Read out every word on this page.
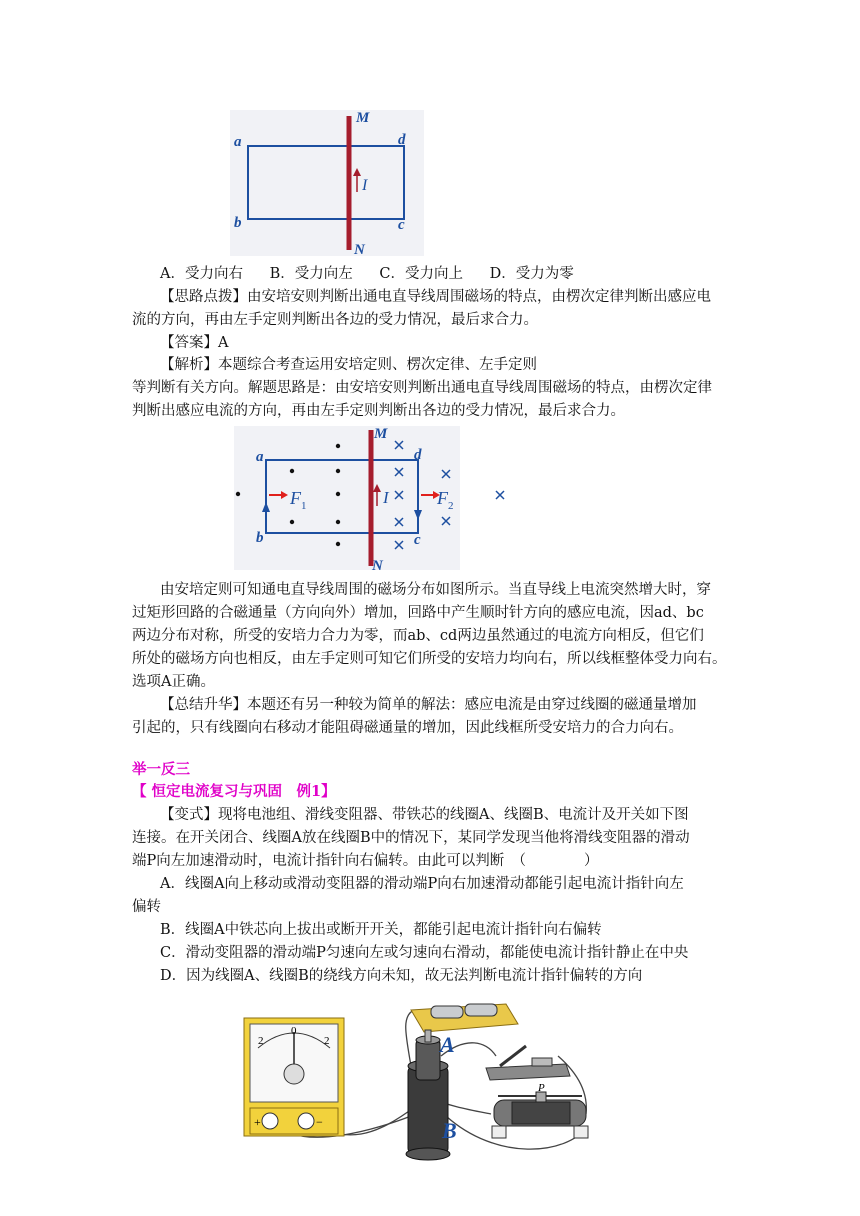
M
N
a	d
b	c
I
A．受力向右 B．受力向左 C．受力向上 D．受力为零
【思路点拨】由安培安则判断出通电直导线周围磁场的特点，由楞次定律判断出感应电
流的方向，再由左手定则判断出各边的受力情况，最后求合力。
【答案】A
【解析】本题综合考查运用安培定则、楞次定律、左手定则
等判断有关方向。解题思路是：由安培安则判断出通电直导线周围磁场的特点，由楞次定律
判断出感应电流的方向，再由左手定则判断出各边的受力情况，最后求合力。
M
N
a	d
b	c
I
F 1	F 2
由安培定则可知通电直导线周围的磁场分布如图所示。当直导线上电流突然增大时，穿
过矩形回路的合磁通量（方向向外）增加，回路中产生顺时针方向的感应电流，因ad、bc
两边分布对称，所受的安培力合力为零，而ab、cd两边虽然通过的电流方向相反，但它们
所处的磁场方向也相反，由左手定则可知它们所受的安培力均向右，所以线框整体受力向右。
选项A正确。
【总结升华】本题还有另一种较为简单的解法：感应电流是由穿过线圈的磁通量增加
引起的，只有线圈向右移动才能阻碍磁通量的增加，因此线框所受安培力的合力向右。
举一反三
【 恒定电流复习与巩固　例1】
【变式】现将电池组、滑线变阻器、带铁芯的线圈A、线圈B、电流计及开关如下图
连接。在开关闭合、线圈A放在线圈B中的情况下，某同学发现当他将滑线变阻器的滑动
端P向左加速滑动时，电流计指针向右偏转。由此可以判断　（　　　　）
A．线圈A向上移动或滑动变阻器的滑动端P向右加速滑动都能引起电流计指针向左
偏转
B．线圈A中铁芯向上拔出或断开开关，都能引起电流计指针向右偏转
C．滑动变阻器的滑动端P匀速向左或匀速向右滑动，都能使电流计指针静止在中央
D．因为线圈A、线圈B的绕线方向未知，故无法判断电流计指针偏转的方向
2
0
2
+	−
A
B
P
